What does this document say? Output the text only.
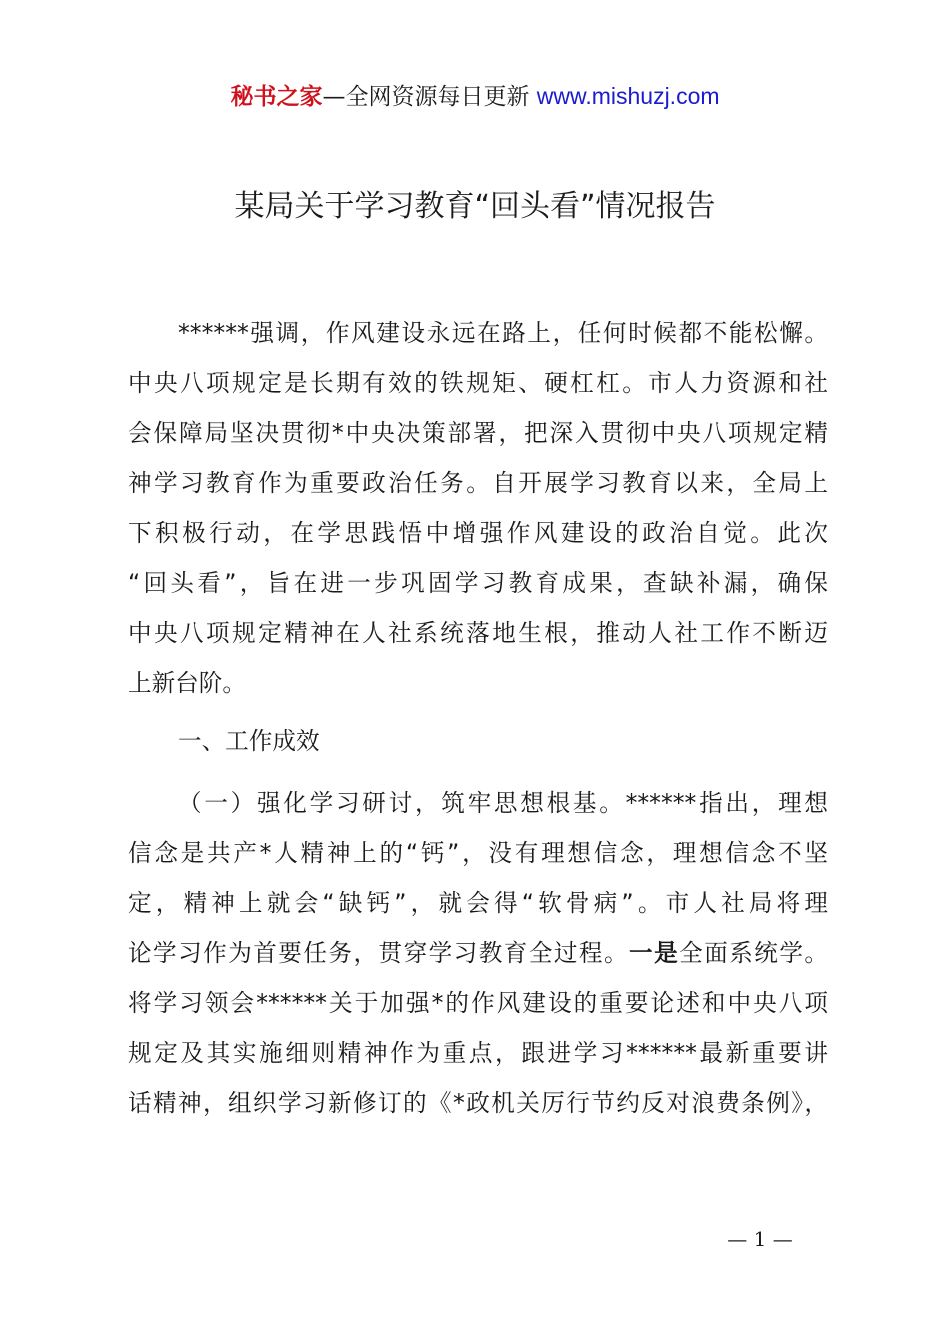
秘书之家—全网资源每日更新 www.mishuzj.com
某局关于学习教育“回头看”情况报告
******强调，作风建设永远在路上，任何时候都不能松懈。
中央八项规定是长期有效的铁规矩、硬杠杠。市人力资源和社
会保障局坚决贯彻*中央决策部署，把深入贯彻中央八项规定精
神学习教育作为重要政治任务。自开展学习教育以来，全局上
下积极行动，在学思践悟中增强作风建设的政治自觉。此次
“回头看”，旨在进一步巩固学习教育成果，查缺补漏，确保
中央八项规定精神在人社系统落地生根，推动人社工作不断迈
上新台阶。
一、工作成效
（一）强化学习研讨，筑牢思想根基。******指出，理想
信念是共产*人精神上的“钙”，没有理想信念，理想信念不坚
定，精神上就会“缺钙”，就会得“软骨病”。市人社局将理
论学习作为首要任务，贯穿学习教育全过程。一是全面系统学。
将学习领会******关于加强*的作风建设的重要论述和中央八项
规定及其实施细则精神作为重点，跟进学习******最新重要讲
话精神，组织学习新修订的《*政机关厉行节约反对浪费条例》，
— 1 —
